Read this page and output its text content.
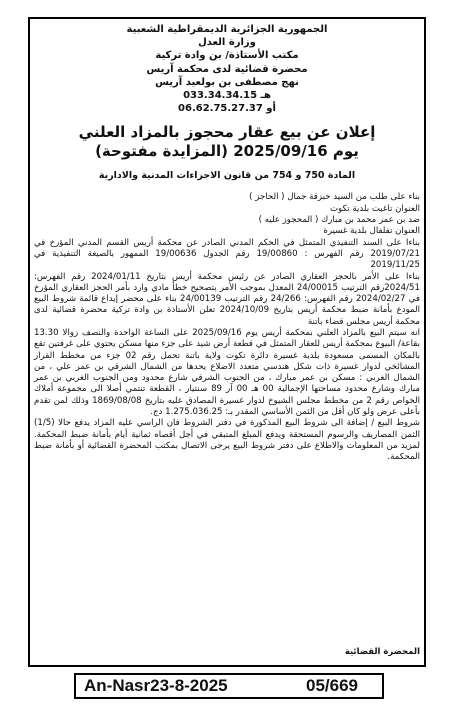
الجمهورية الجزائرية الديمقراطية الشعبية
وزارة العدل
مكتب الأستاذة/ بن وادة تركية
محضرة قضائية لدى محكمة آريس
نهج مصطفى بن بولعيد آريس
هـ 033.34.34.15
أو 06.62.75.27.37
إعلان عن بيع عقار محجوز بالمزاد العلني
يوم 2025/09/16 (المزايدة مفتوحة)
المادة 750 و 754 من قانون الاجراءات المدنية والادارية

بناء على طلب من السيد خبزقة جمال ( الحاجز )

العنوان تاغيت بلدية تكوت

ضد بن عمر محمد بن مبارك ( المحجوز عليه )

العنوان تفلفال بلدية غسيرة

بناءا على السند التنفيذي المتمثل في الحكم المدني الصادر عن محكمة أريس القسم المدني المؤرخ في 2019/07/21 رقم الفهرس : 19/00860 رقم الجدول 19/00636 الممهور بالصيغة التنفيذية في 2019/11/25

بناءا على الأمر بالحجز العقاري الصادر عن رئيس محكمة أريس بتاريخ 2024/01/11 رقم الفهرس: 2024/51رقم الترتيب 24/00015 المعدل بموجب الأمر بتصحيح خطأ مادي وارد بأمر الحجز العقاري المؤرخ في 2024/02/27 رقم الفهرس: 24/266 رقم الترتيب 24/00139 بناء على محضر إيداع قائمة شروط البيع المودع بأمانة ضبط محكمة أريس بتاريخ 2024/10/09 تعلن الأستاذة بن وادة تركية محضرة قضائية لدى محكمة أريس مجلس قضاء باتنة

انه سيتم البيع بالمزاد العلني بمحكمة أريس يوم 2025/09/16 على الساعة الواحدة والنصف زوالا 13.30 بقاعة/ البيوع بمحكمة أريس للعقار المتمثل في قطعة أرض شيد على جزء منها مسكن يحتوي على غرفتين تقع بالمكان المسمى مسعودة بلدية غسيرة دائرة تكوت ولاية باتنة تحمل رقم 02 جزء من مخطط القرار المشائخي لدوار غسيرة ذات شكل هندسي متعدد الاضلاع يحدها من الشمال الشرقي بن عمر علي ، من الشمال الغربي : مسكن بن عمر مبارك ، من الجنوب الشرقي شارع محدود ومن الجنوب الغربي بن عمر مبارك وشارع محدود مساحتها الإجمالية 00 هـ 00 آر 89 سنتيار ، القطعة تنتمي أصلا الى مجموعة أملاك الخواص رقم 2 من مخطط مجلس الشيوخ لدوار غسيرة المصادق عليه بتاريخ 1869/08/08 وذلك لمن تقدم بأعلى عرض ولو كان أقل من الثمن الأساسي المقدر بـ: 1.275.036.25 دج.

شروط البيع / إضافة الى شروط البيع المذكورة في دفتر الشروط فان الراسي عليه المزاد يدفع حالا (1/5) الثمن المصاريف والرسوم المستحقة ويدفع المبلغ المتبقي في أجل أقصاه ثمانية أيام بأمانة ضبط المحكمة. لمزيد من المعلومات والاطلاع على دفتر شروط البيع يرجى الاتصال بمكتب المحضرة القضائية أو بأمانة ضبط المحكمة.

المحضرة القضائية
An-Nasr23-8-2025	05/669
